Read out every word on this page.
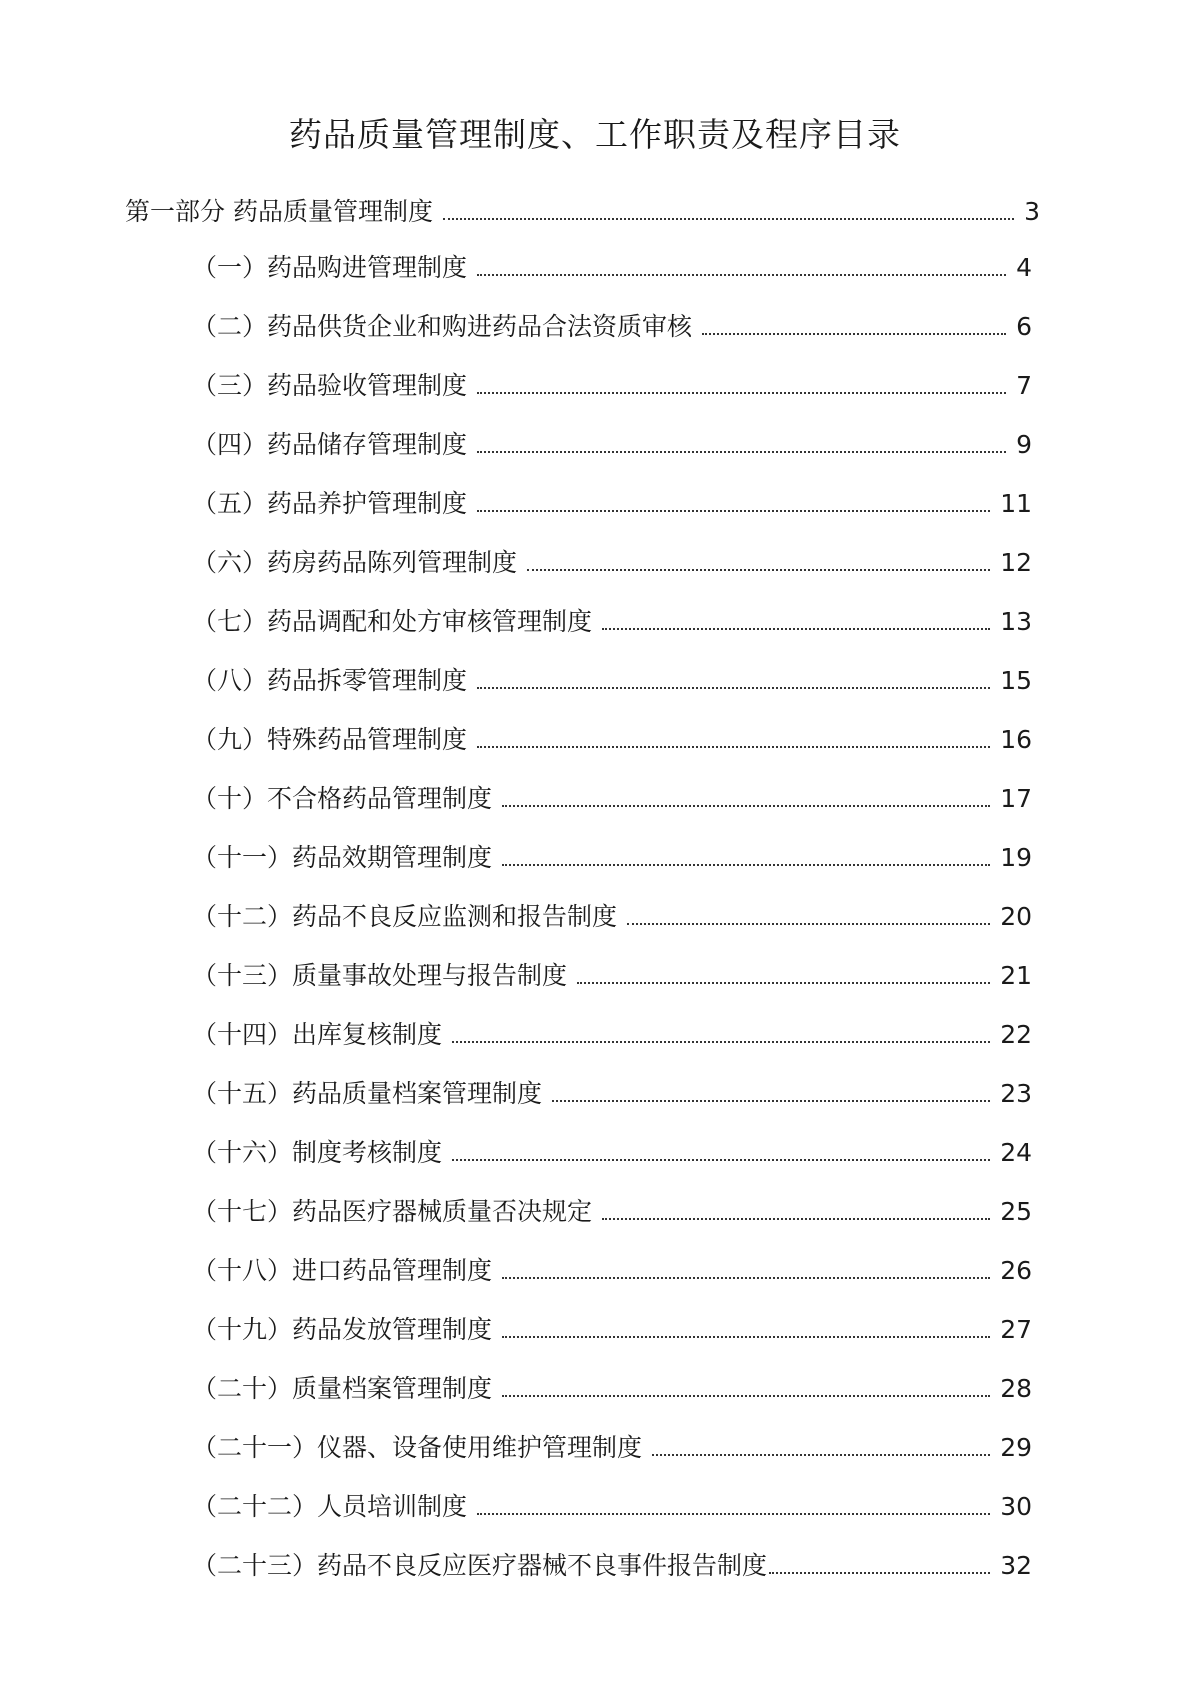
药品质量管理制度、工作职责及程序目录
第一部分 药品质量管理制度	3
（一）药品购进管理制度	4
（二）药品供货企业和购进药品合法资质审核	6
（三）药品验收管理制度	7
（四）药品储存管理制度	9
（五）药品养护管理制度	11
（六）药房药品陈列管理制度	12
（七）药品调配和处方审核管理制度	13
（八）药品拆零管理制度	15
（九）特殊药品管理制度	16
（十）不合格药品管理制度	17
（十一）药品效期管理制度	19
（十二）药品不良反应监测和报告制度	20
（十三）质量事故处理与报告制度	21
（十四）出库复核制度	22
（十五）药品质量档案管理制度	23
（十六）制度考核制度	24
（十七）药品医疗器械质量否决规定	25
（十八）进口药品管理制度	26
（十九）药品发放管理制度	27
（二十）质量档案管理制度	28
（二十一）仪器、设备使用维护管理制度	29
（二十二）人员培训制度	30
（二十三）药品不良反应医疗器械不良事件报告制度	32
